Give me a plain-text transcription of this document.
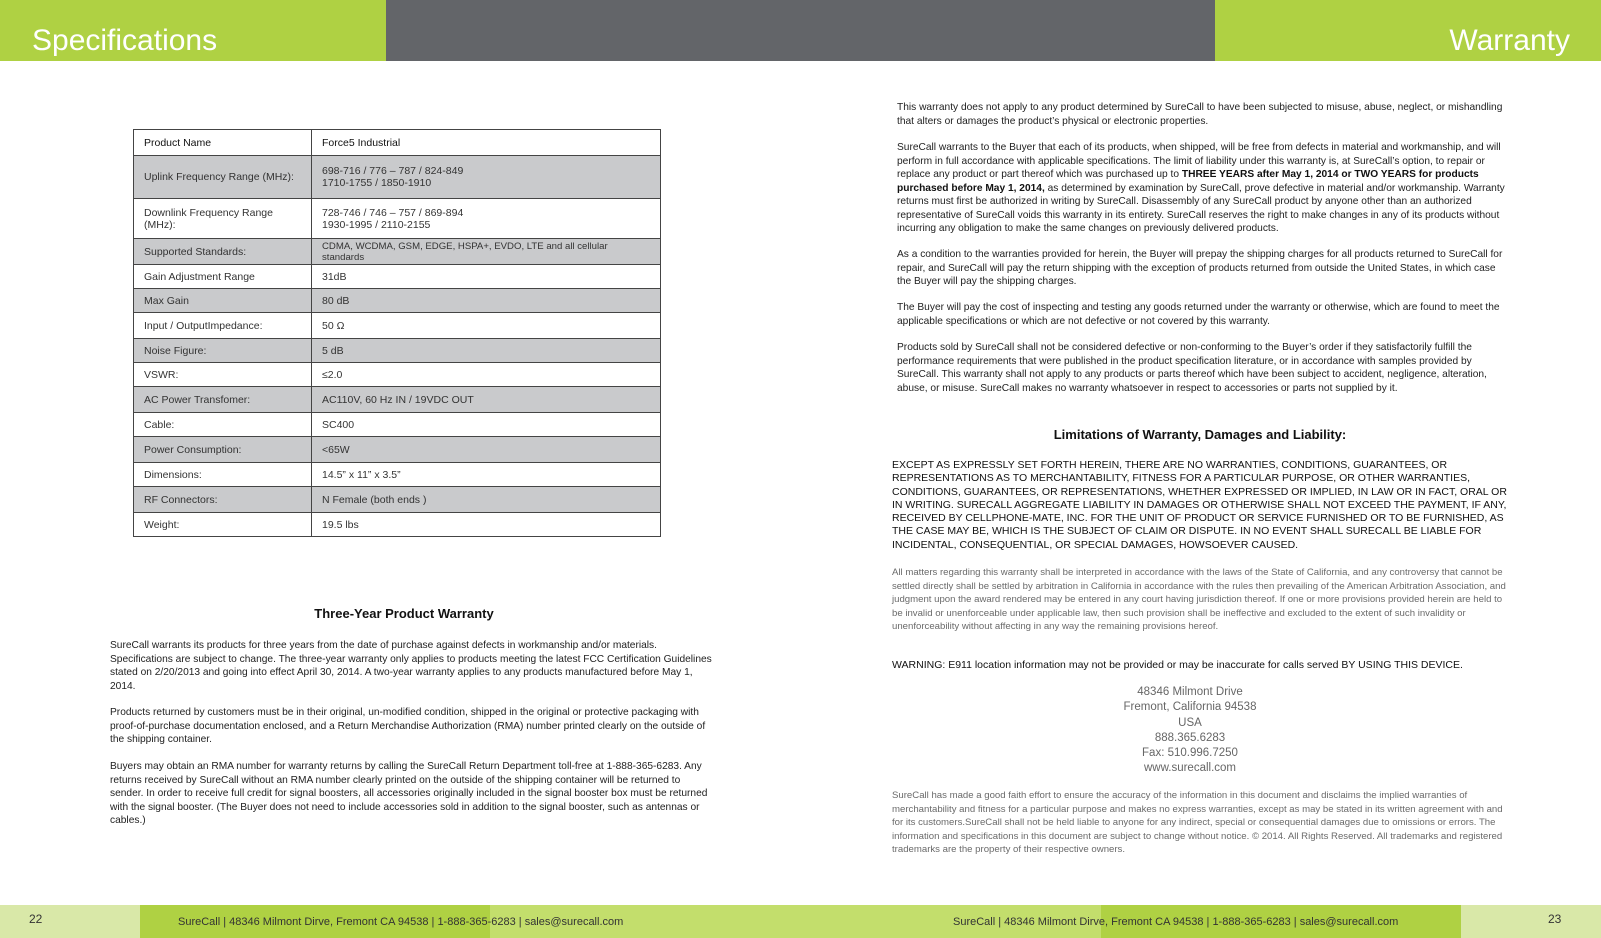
Specifications	Warranty
Product Name	Force5 Industrial

Uplink Frequency Range (MHz):	698-716 / 776 – 787 / 824-849
1710-1755 / 1850-1910

Downlink Frequency Range (MHz):	728-746 / 746 – 757 / 869-894
1930-1995 / 2110-2155

Supported Standards:	CDMA, WCDMA, GSM, EDGE, HSPA+, EVDO, LTE and all cellular standards

Gain Adjustment Range	31dB

Max Gain	80 dB

Input / OutputImpedance:	50 Ω

Noise Figure:	5 dB

VSWR:	≤2.0

AC Power Transfomer:	AC110V, 60 Hz IN / 19VDC OUT

Cable:	SC400

Power Consumption:	<65W

Dimensions:	14.5” x 11” x 3.5”

RF Connectors:	N Female (both ends )

Weight:	19.5 lbs
Three-Year Product Warranty
SureCall warrants its products for three years from the date of purchase against defects in workmanship and/or materials. Specifications are subject to change. The three-year warranty only applies to products meeting the latest FCC Certification Guidelines stated on 2/20/2013 and going into effect April 30, 2014. A two-year warranty applies to any products manufactured before May 1, 2014.
Products returned by customers must be in their original, un-modified condition, shipped in the original or protective packaging with proof-of-purchase documentation enclosed, and a Return Merchandise Authorization (RMA) number printed clearly on the outside of the shipping container.
Buyers may obtain an RMA number for warranty returns by calling the SureCall Return Department toll-free at 1-888-365-6283. Any returns received by SureCall without an RMA number clearly printed on the outside of the shipping container will be returned to sender. In order to receive full credit for signal boosters, all accessories originally included in the signal booster box must be returned with the signal booster. (The Buyer does not need to include accessories sold in addition to the signal booster, such as antennas or cables.)
This warranty does not apply to any product determined by SureCall to have been subjected to misuse, abuse, neglect, or mishandling that alters or damages the product’s physical or electronic properties.
SureCall warrants to the Buyer that each of its products, when shipped, will be free from defects in material and workmanship, and will perform in full accordance with applicable specifications. The limit of liability under this warranty is, at SureCall’s option, to repair or replace any product or part thereof which was purchased up to THREE YEARS after May 1, 2014 or TWO YEARS for products purchased before May 1, 2014, as determined by examination by SureCall, prove defective in material and/or workmanship. Warranty returns must first be authorized in writing by SureCall. Disassembly of any SureCall product by anyone other than an authorized representative of SureCall voids this warranty in its entirety. SureCall reserves the right to make changes in any of its products without incurring any obligation to make the same changes on previously delivered products.
As a condition to the warranties provided for herein, the Buyer will prepay the shipping charges for all products returned to SureCall for repair, and SureCall will pay the return shipping with the exception of products returned from outside the United States, in which case the Buyer will pay the shipping charges.
The Buyer will pay the cost of inspecting and testing any goods returned under the warranty or otherwise, which are found to meet the applicable specifications or which are not defective or not covered by this warranty.
Products sold by SureCall shall not be considered defective or non-conforming to the Buyer’s order if they satisfactorily fulfill the performance requirements that were published in the product specification literature, or in accordance with samples provided by SureCall. This warranty shall not apply to any products or parts thereof which have been subject to accident, negligence, alteration, abuse, or misuse. SureCall makes no warranty whatsoever in respect to accessories or parts not supplied by it.
Limitations of Warranty, Damages and Liability:
EXCEPT AS EXPRESSLY SET FORTH HEREIN, THERE ARE NO WARRANTIES, CONDITIONS, GUARANTEES, OR REPRESENTATIONS AS TO MERCHANTABILITY, FITNESS FOR A PARTICULAR PURPOSE, OR OTHER WARRANTIES, CONDITIONS, GUARANTEES, OR REPRESENTATIONS, WHETHER EXPRESSED OR IMPLIED, IN LAW OR IN FACT, ORAL OR IN WRITING. SURECALL AGGREGATE LIABILITY IN DAMAGES OR OTHERWISE SHALL NOT EXCEED THE PAYMENT, IF ANY, RECEIVED BY CELLPHONE-MATE, INC. FOR THE UNIT OF PRODUCT OR SERVICE FURNISHED OR TO BE FURNISHED, AS THE CASE MAY BE, WHICH IS THE SUBJECT OF CLAIM OR DISPUTE. IN NO EVENT SHALL SURECALL BE LIABLE FOR INCIDENTAL, CONSEQUENTIAL, OR SPECIAL DAMAGES, HOWSOEVER CAUSED.
All matters regarding this warranty shall be interpreted in accordance with the laws of the State of California, and any controversy that cannot be settled directly shall be settled by arbitration in California in accordance with the rules then prevailing of the American Arbitration Association, and judgment upon the award rendered may be entered in any court having jurisdiction thereof. If one or more provisions provided herein are held to be invalid or unenforceable under applicable law, then such provision shall be ineffective and excluded to the extent of such invalidity or unenforceability without affecting in any way the remaining provisions hereof.
WARNING: E911 location information may not be provided or may be inaccurate for calls served BY USING THIS DEVICE.
48346 Milmont Drive
Fremont, California 94538
USA
888.365.6283
Fax: 510.996.7250
www.surecall.com
SureCall has made a good faith effort to ensure the accuracy of the information in this document and disclaims the implied warranties of merchantability and fitness for a particular purpose and makes no express warranties, except as may be stated in its written agreement with and for its customers.SureCall shall not be held liable to anyone for any indirect, special or consequential damages due to omissions or errors. The information and specifications in this document are subject to change without notice. © 2014. All Rights Reserved. All trademarks and registered trademarks are the property of their respective owners.
22	23
SureCall | 48346 Milmont Dirve, Fremont CA 94538 | 1-888-365-6283 | sales@surecall.com	SureCall | 48346 Milmont Dirve, Fremont CA 94538 | 1-888-365-6283 | sales@surecall.com
